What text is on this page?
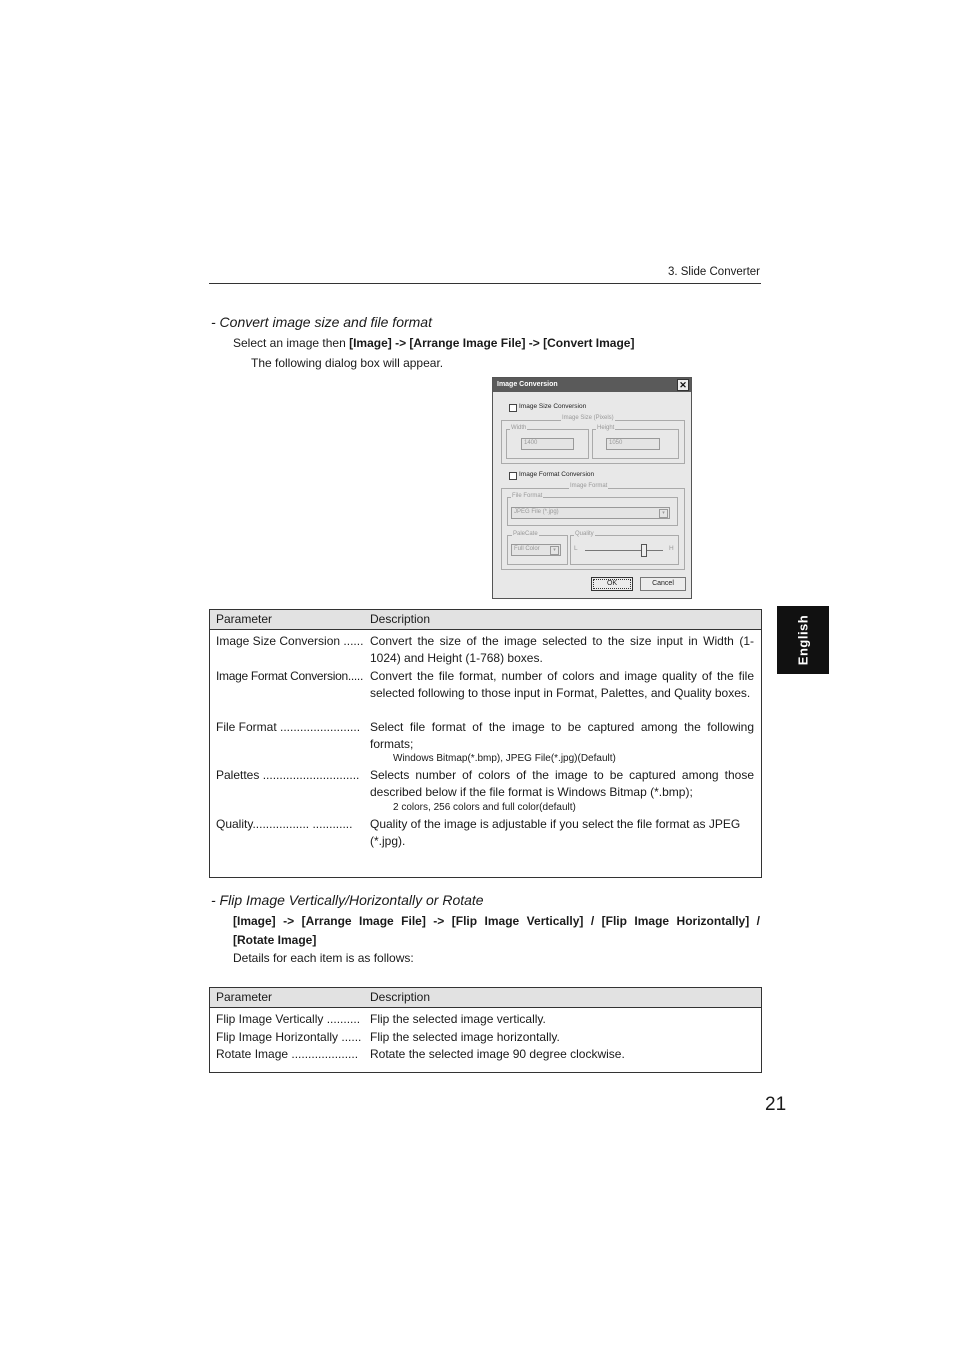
3. Slide Converter
- Convert image size and file format
Select an image then [Image] -> [Arrange Image File] -> [Convert Image]
The following dialog box will appear.
Image Conversion	✕
Image Size Conversion
Image Size (Pixels)
Width
1400
Height
1050
Image Format Conversion
Image Format
File Format
JPEG File (*.jpg)	▾
PaleCate
Full Color	▾
Quality
L	H
OK	Cancel
Parameter	Description
Image Size Conversion ...... Convert the size of the image selected to the size input in Width (1-1024) and Height (1-768) boxes.
Image Format Conversion..... Convert the file format, number of colors and image quality of the file selected following to those input in Format, Palettes, and Quality boxes.
File Format ........................ Select file format of the image to be captured among the following formats;
Windows Bitmap(*.bmp), JPEG File(*.jpg)(Default)
Palettes ............................. Selects number of colors of the image to be captured among those described below if the file format is Windows Bitmap (*.bmp);
2 colors, 256 colors and full color(default)
Quality................. ............ Quality of the image is adjustable if you select the file format as JPEG (*.jpg).
- Flip Image Vertically/Horizontally or Rotate
[Image] -> [Arrange Image File] -> [Flip Image Vertically] / [Flip Image Horizontally] /
[Rotate Image]
Details for each item is as follows:
Parameter	Description
Flip Image Vertically .......... Flip the selected image vertically.
Flip Image Horizontally ...... Flip the selected image horizontally.
Rotate Image .................... Rotate the selected image 90 degree clockwise.
English
21
